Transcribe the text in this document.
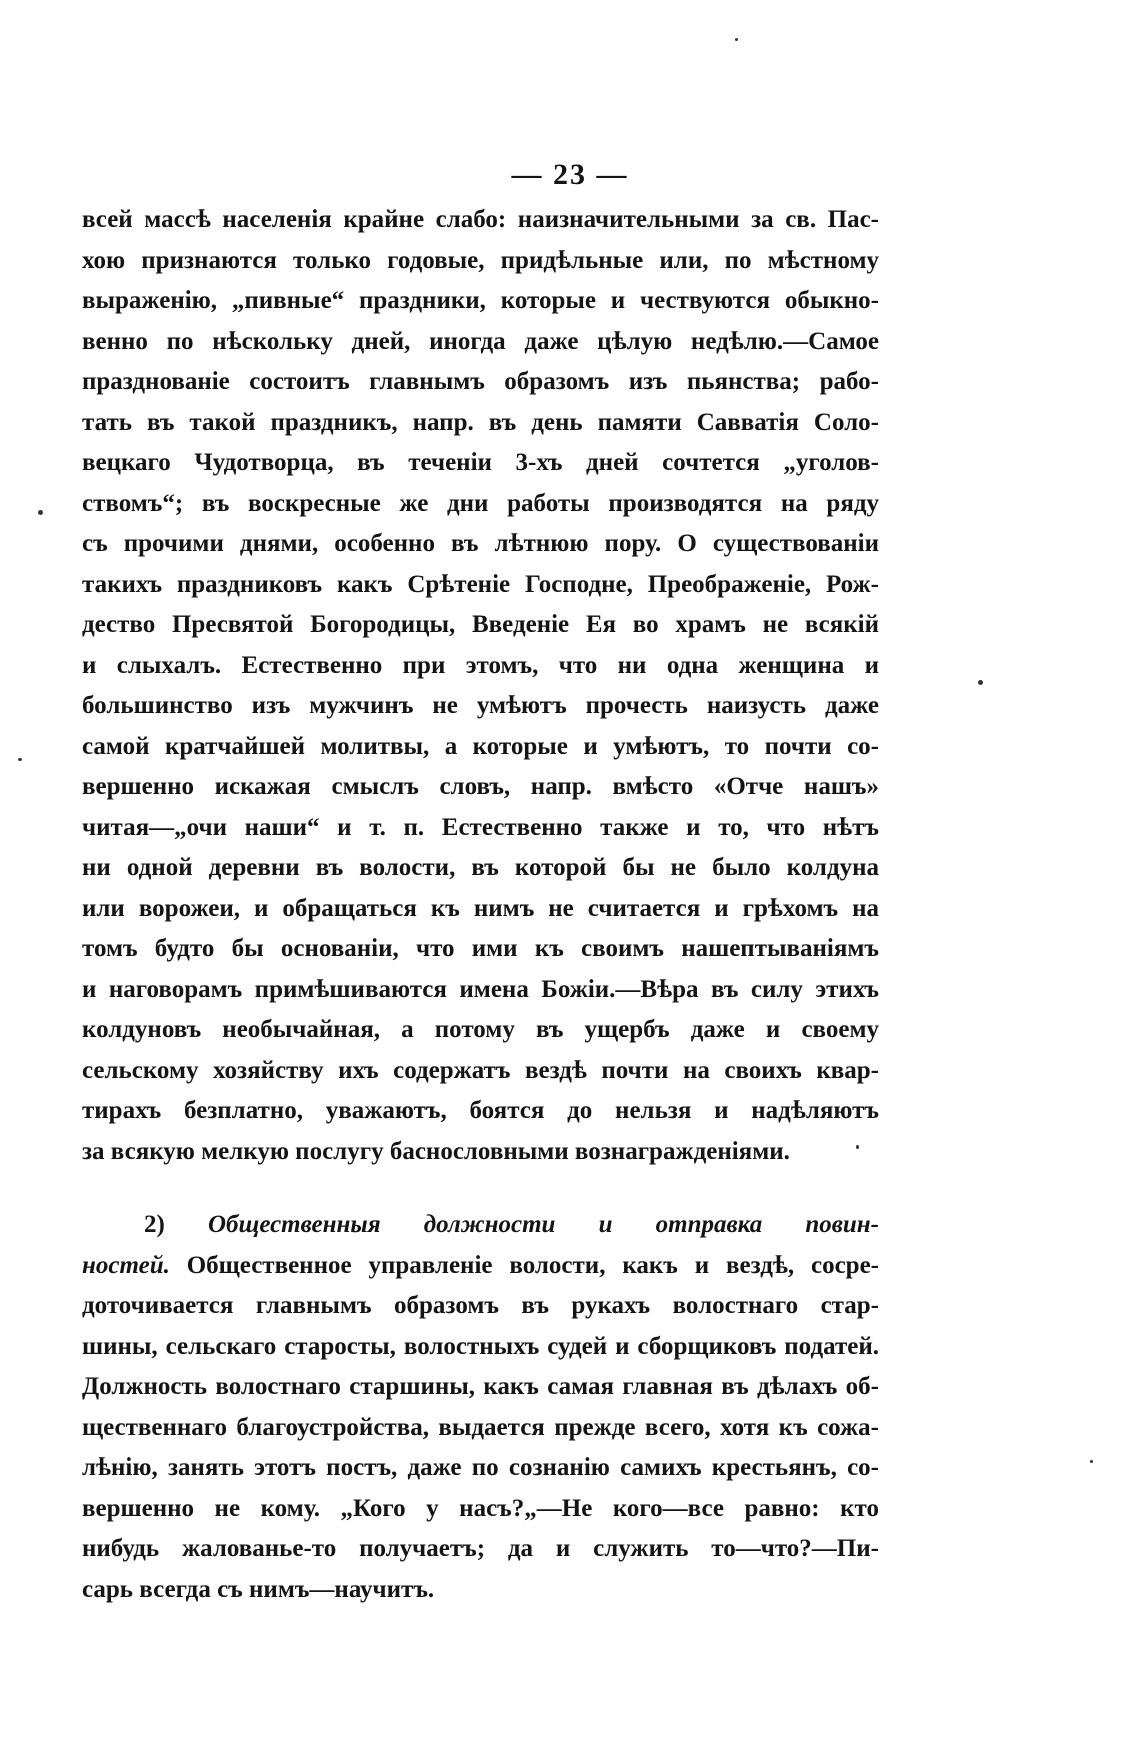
— 23 —
всей массѣ населенія крайне слабо: наизначительными за св. Пас-
хою признаются только годовые, придѣльные или, по мѣстному
выраженію, „пивные“ праздники, которые и чествуются обыкно-
венно по нѣскольку дней, иногда даже цѣлую недѣлю.—Самое
празднованіе состоитъ главнымъ образомъ изъ пьянства; рабо-
тать въ такой праздникъ, напр. въ день памяти Савватія Соло-
вецкаго Чудотворца, въ теченіи 3-хъ дней сочтется „уголов-
ствомъ“; въ воскресные же дни работы производятся на ряду
съ прочими днями, особенно въ лѣтнюю пору. О существованіи
такихъ праздниковъ какъ Срѣтеніе Господне, Преображеніе, Рож-
дество Пресвятой Богородицы, Введеніе Ея во храмъ не всякій
и слыхалъ. Естественно при этомъ, что ни одна женщина и
большинство изъ мужчинъ не умѣютъ прочесть наизусть даже
самой кратчайшей молитвы, а которые и умѣютъ, то почти со-
вершенно искажая смыслъ словъ, напр. вмѣсто «Отче нашъ»
читая—„очи наши“ и т. п. Естественно также и то, что нѣтъ
ни одной деревни въ волости, въ которой бы не было колдуна
или ворожеи, и обращаться къ нимъ не считается и грѣхомъ на
томъ будто бы основаніи, что ими къ своимъ нашептываніямъ
и наговорамъ примѣшиваются имена Божіи.—Вѣра въ силу этихъ
колдуновъ необычайная, а потому въ ущербъ даже и своему
сельскому хозяйству ихъ содержатъ вездѣ почти на своихъ квар-
тирахъ безплатно, уважаютъ, боятся до нельзя и надѣляютъ
за всякую мелкую послугу баснословными вознагражденіями.
2) Общественныя должности и отправка повин-
ностей. Общественное управленіе волости, какъ и вездѣ, сосре-
доточивается главнымъ образомъ въ рукахъ волостнаго стар-
шины, сельскаго старосты, волостныхъ судей и сборщиковъ податей.
Должность волостнаго старшины, какъ самая главная въ дѣлахъ об-
щественнаго благоустройства, выдается прежде всего, хотя къ сожа-
лѣнію, занять этотъ постъ, даже по сознанію самихъ крестьянъ, со-
вершенно не кому. „Кого у насъ?„—Не кого—все равно: кто
нибудь жалованье-то получаетъ; да и служить то—что?—Пи-
сарь всегда съ нимъ—научитъ.
